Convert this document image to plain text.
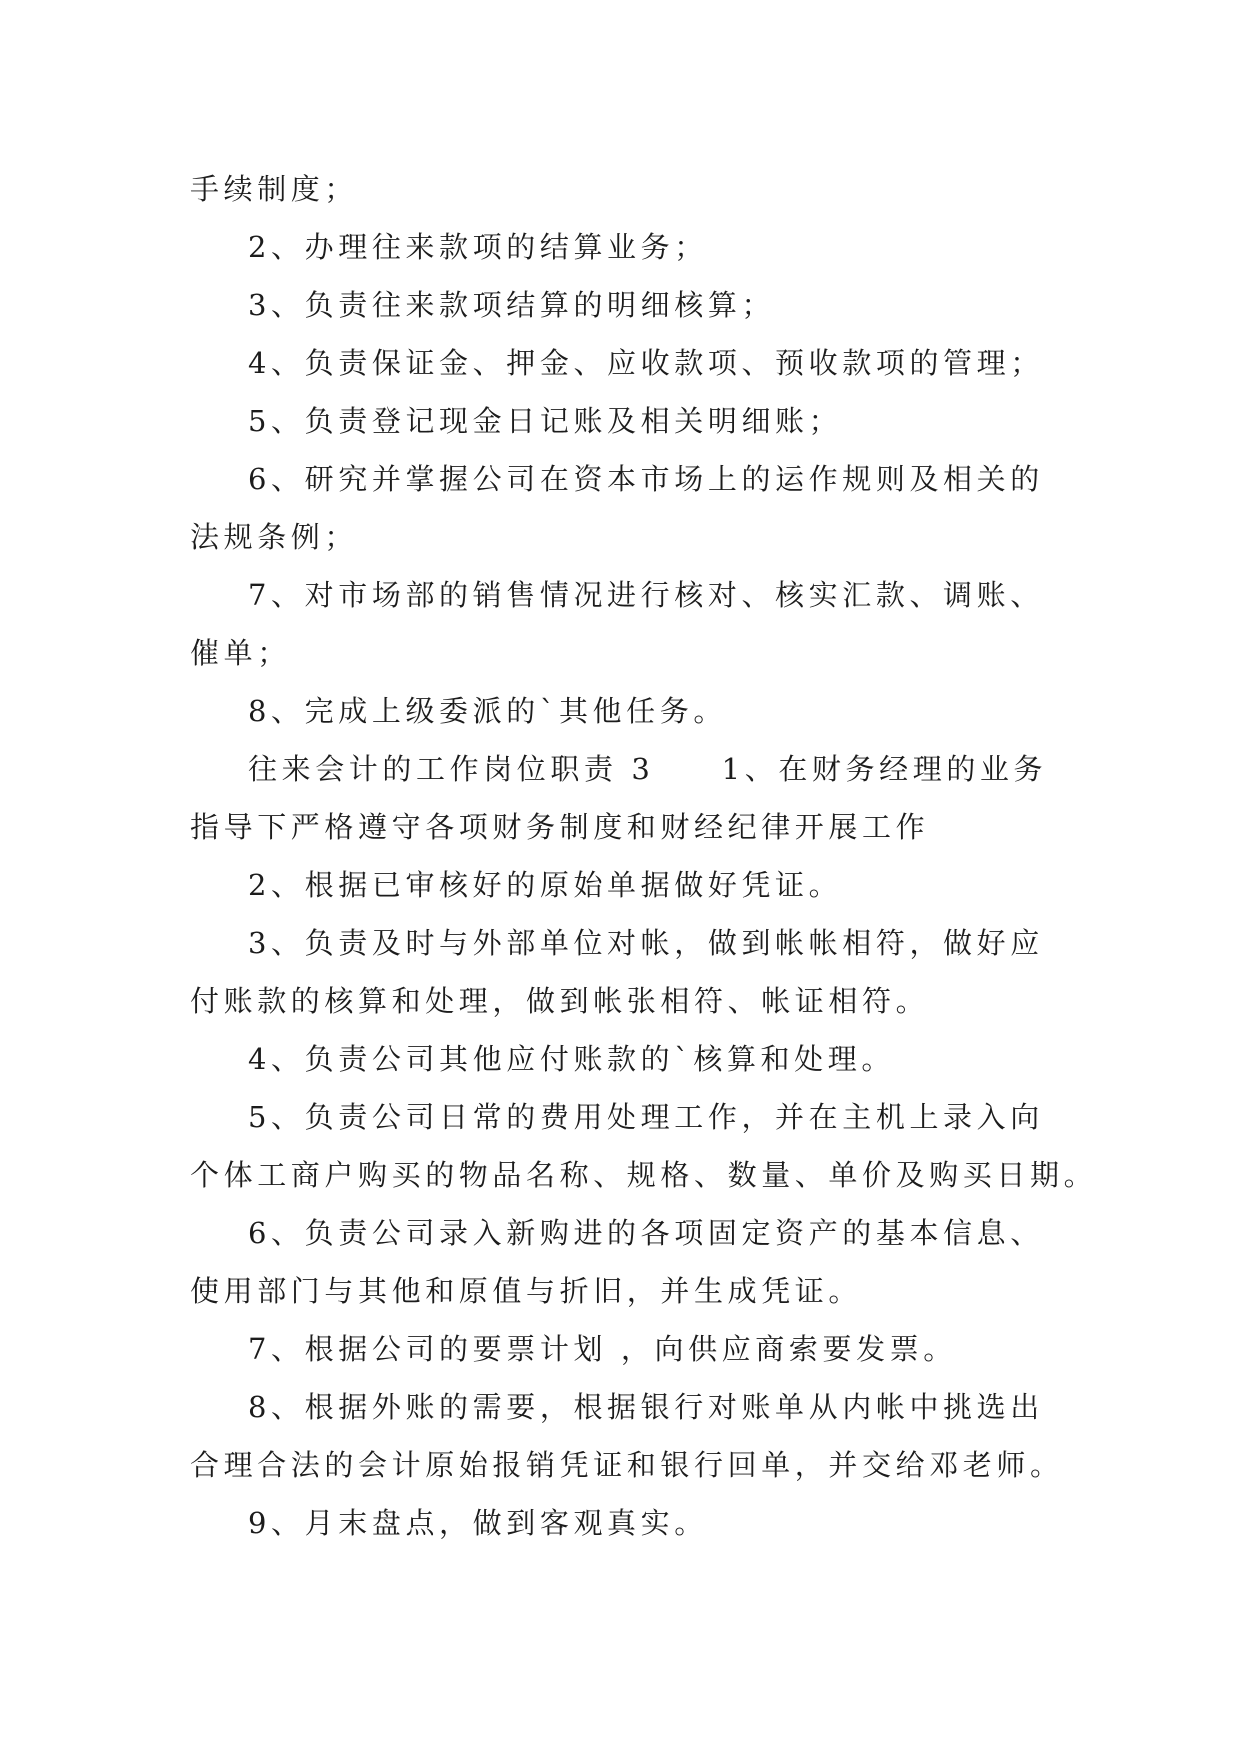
手续制度；

2、办理往来款项的结算业务；

3、负责往来款项结算的明细核算；

4、负责保证金、押金、应收款项、预收款项的管理；

5、负责登记现金日记账及相关明细账；

6、研究并掌握公司在资本市场上的运作规则及相关的

法规条例；

7、对市场部的销售情况进行核对、核实汇款、调账、

催单；

8、完成上级委派的`其他任务。

往来会计的工作岗位职责 3　　1、在财务经理的业务

指导下严格遵守各项财务制度和财经纪律开展工作

2、根据已审核好的原始单据做好凭证。

3、负责及时与外部单位对帐，做到帐帐相符，做好应

付账款的核算和处理，做到帐张相符、帐证相符。

4、负责公司其他应付账款的`核算和处理。

5、负责公司日常的费用处理工作，并在主机上录入向

个体工商户购买的物品名称、规格、数量、单价及购买日期。

6、负责公司录入新购进的各项固定资产的基本信息、

使用部门与其他和原值与折旧，并生成凭证。

7、根据公司的要票计划 ，向供应商索要发票。

8、根据外账的需要，根据银行对账单从内帐中挑选出

合理合法的会计原始报销凭证和银行回单，并交给邓老师。

9、月末盘点，做到客观真实。
